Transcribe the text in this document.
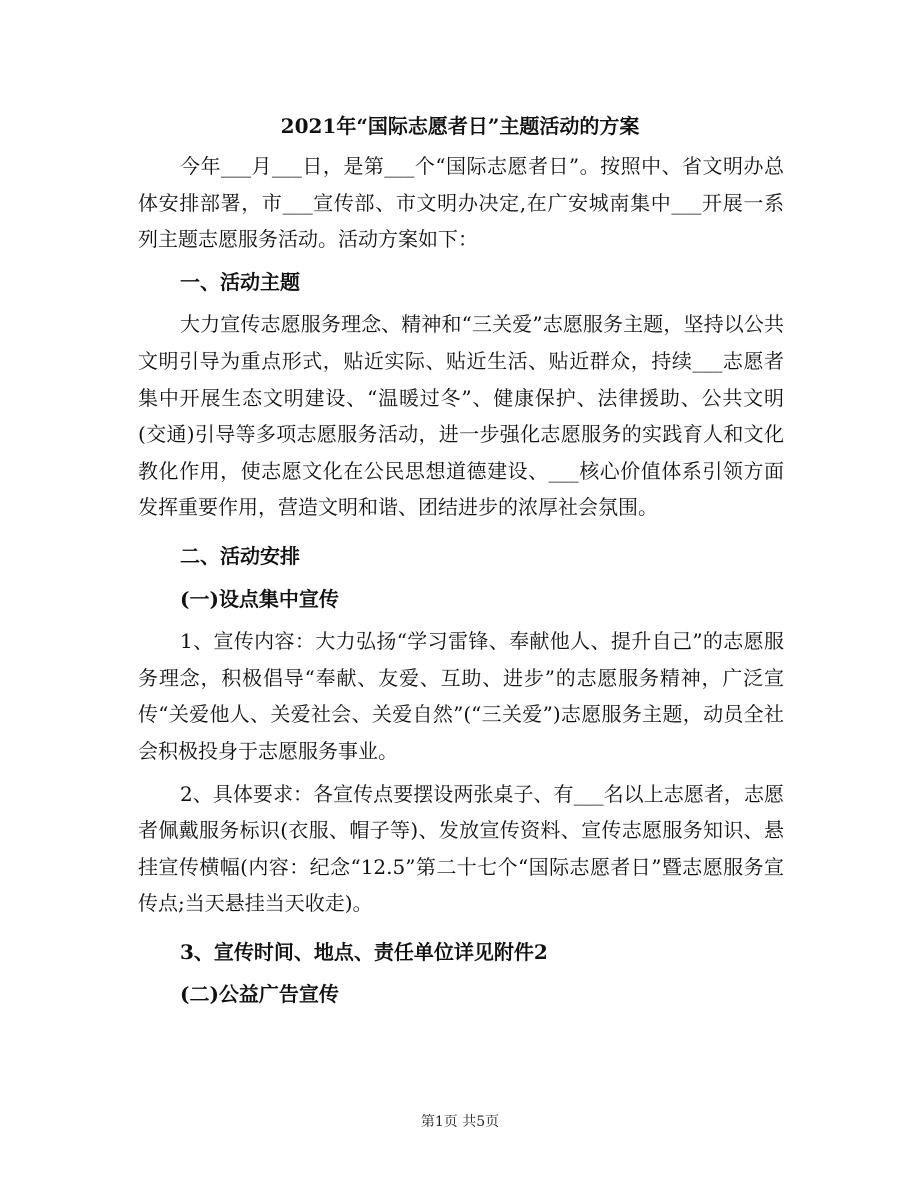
2021年“国际志愿者日”主题活动的方案

今年___月___日，是第___个“国际志愿者日”。按照中、省文明办总体安排部署，市___宣传部、市文明办决定,在广安城南集中___开展一系列主题志愿服务活动。活动方案如下：

一、活动主题

大力宣传志愿服务理念、精神和“三关爱”志愿服务主题，坚持以公共文明引导为重点形式，贴近实际、贴近生活、贴近群众，持续___志愿者集中开展生态文明建设、“温暖过冬”、健康保护、法律援助、公共文明(交通)引导等多项志愿服务活动，进一步强化志愿服务的实践育人和文化教化作用，使志愿文化在公民思想道德建设、___核心价值体系引领方面发挥重要作用，营造文明和谐、团结进步的浓厚社会氛围。

二、活动安排

(一)设点集中宣传

1、宣传内容：大力弘扬“学习雷锋、奉献他人、提升自己”的志愿服务理念，积极倡导“奉献、友爱、互助、进步”的志愿服务精神，广泛宣传“关爱他人、关爱社会、关爱自然”(“三关爱”)志愿服务主题，动员全社会积极投身于志愿服务事业。

2、具体要求：各宣传点要摆设两张桌子、有___名以上志愿者，志愿者佩戴服务标识(衣服、帽子等)、发放宣传资料、宣传志愿服务知识、悬挂宣传横幅(内容：纪念“12.5”第二十七个“国际志愿者日”暨志愿服务宣传点;当天悬挂当天收走)。

3、宣传时间、地点、责任单位详见附件2

(二)公益广告宣传

第1页 共5页
